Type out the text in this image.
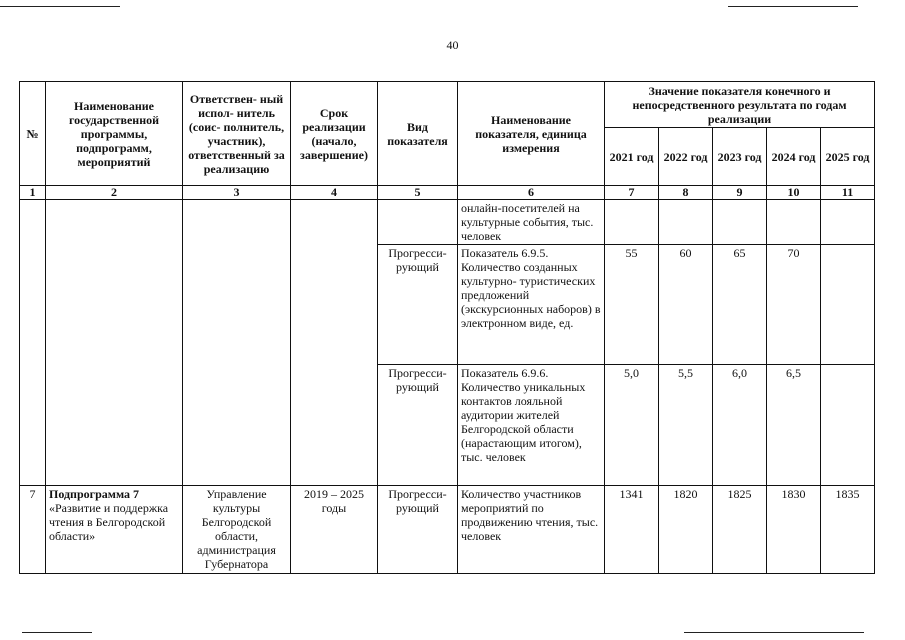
40
№	Наименование государственной программы, подпрограмм, мероприятий	Ответствен- ный испол- нитель (соис- полнитель, участник), ответственный за реализацию	Срок реализации (начало, завершение)	Вид показателя	Наименование показателя, единица измерения	Значение показателя конечного и непосредственного результата по годам реализации				
						2021 год	2022 год	2023 год	2024 год	2025 год
1	2	3	4	5	6	7	8	9	10	11
					онлайн-посетителей на культурные события, тыс. человек					
				Прогресси- рующий	Показатель 6.9.5. Количество созданных культурно- туристических предложений (экскурсионных наборов) в электронном виде, ед.	55	60	65	70	
				Прогресси- рующий	Показатель 6.9.6. Количество уникальных контактов лояльной аудитории жителей Белгородской области (нарастающим итогом), тыс. человек	5,0	5,5	6,0	6,5	
7	Подпрограмма 7 «Развитие и поддержка чтения в Белгородской области»	Управление культуры Белгородской области, администрация Губернатора	2019 – 2025 годы	Прогресси- рующий	Количество участников мероприятий по продвижению чтения, тыс. человек	1341	1820	1825	1830	1835
